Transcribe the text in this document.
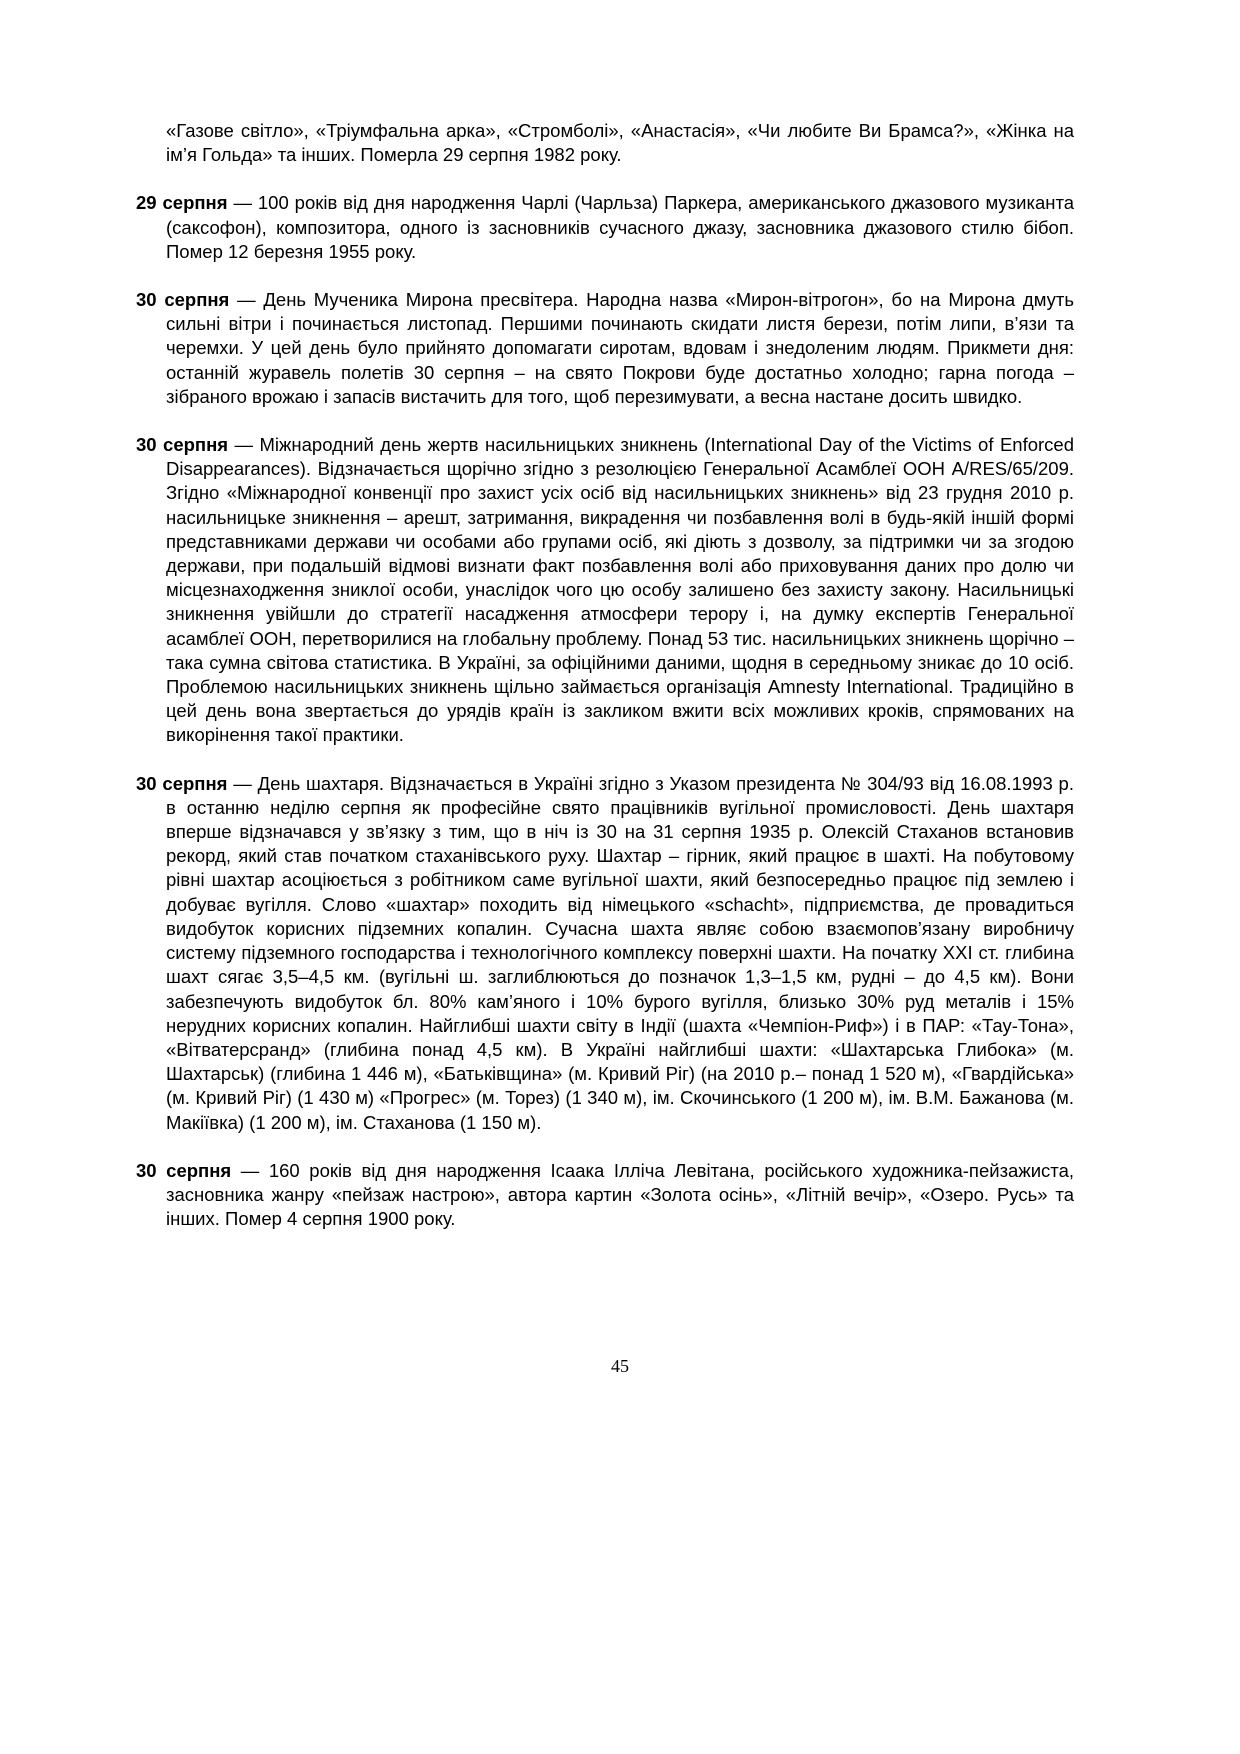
«Газове світло», «Тріумфальна арка», «Стромболі», «Анастасія», «Чи любите Ви Брамса?», «Жінка на ім’я Гольда» та інших. Померла 29 серпня 1982 року.

29 серпня — 100 років від дня народження Чарлі (Чарльза) Паркера, американського джазового музиканта (саксофон), композитора, одного із засновників сучасного джазу, засновника джазового стилю бібоп. Помер 12 березня 1955 року.

30 серпня — День Мученика Мирона пресвітера. Народна назва «Мирон-вітрогон», бо на Мирона дмуть сильні вітри і починається листопад. Першими починають скидати листя берези, потім липи, в’язи та черемхи. У цей день було прийнято допомагати сиротам, вдовам і знедоленим людям. Прикмети дня: останній журавель полетів 30 серпня – на свято Покрови буде достатньо холодно; гарна погода – зібраного врожаю і запасів вистачить для того, щоб перезимувати, а весна настане досить швидко.

30 серпня — Міжнародний день жертв насильницьких зникнень (International Day of the Victims of Enforced Disappearances). Відзначається щорічно згідно з резолюцією Генеральної Асамблеї ООН A/RES/65/209. Згідно «Міжнародної конвенції про захист усіх осіб від насильницьких зникнень» від 23 грудня 2010 р. насильницьке зникнення – арешт, затримання, викрадення чи позбавлення волі в будь-якій іншій формі представниками держави чи особами або групами осіб, які діють з дозволу, за підтримки чи за згодою держави, при подальшій відмові визнати факт позбавлення волі або приховування даних про долю чи місцезнаходження зниклої особи, унаслідок чого цю особу залишено без захисту закону. Насильницькі зникнення увійшли до стратегії насадження атмосфери терору і, на думку експертів Генеральної асамблеї ООН, перетворилися на глобальну проблему. Понад 53 тис. насильницьких зникнень щорічно – така сумна світова статистика. В Україні, за офіційними даними, щодня в середньому зникає до 10 осіб. Проблемою насильницьких зникнень щільно займається організація Amnesty International. Традиційно в цей день вона звертається до урядів країн із закликом вжити всіх можливих кроків, спрямованих на викорінення такої практики.

30 серпня — День шахтаря. Відзначається в Україні згідно з Указом президента № 304/93 від 16.08.1993 р. в останню неділю серпня як професійне свято працівників вугільної промисловості. День шахтаря вперше відзначався у зв’язку з тим, що в ніч із 30 на 31 серпня 1935 р. Олексій Стаханов встановив рекорд, який став початком стаханівського руху. Шахтар – гірник, який працює в шахті. На побутовому рівні шахтар асоціюється з робітником саме вугільної шахти, який безпосередньо працює під землею і добуває вугілля. Слово «шахтар» походить від німецького «schacht», підприємства, де провадиться видобуток корисних підземних копалин. Сучасна шахта являє собою взаємопов’язану виробничу систему підземного господарства і технологічного комплексу поверхні шахти. На початку XXI ст. глибина шахт сягає 3,5–4,5 км. (вугільні ш. заглиблюються до позначок 1,3–1,5 км, рудні – до 4,5 км). Вони забезпечують видобуток бл. 80% кам’яного і 10% бурого вугілля, близько 30% руд металів і 15% нерудних корисних копалин. Найглибші шахти світу в Індії (шахта «Чемпіон-Риф») і в ПАР: «Тау-Тона», «Вітватерсранд» (глибина понад 4,5 км). В Україні найглибші шахти: «Шахтарська Глибока» (м. Шахтарськ) (глибина 1 446 м), «Батьківщина» (м. Кривий Ріг) (на 2010 р.– понад 1 520 м), «Гвардійська» (м. Кривий Ріг) (1 430 м) «Прогрес» (м. Торез) (1 340 м), ім. Скочинського (1 200 м), ім. В.М. Бажанова (м. Макіївка) (1 200 м), ім. Стаханова (1 150 м).

30 серпня — 160 років від дня народження Ісаака Ілліча Левітана, російського художника-пейзажиста, засновника жанру «пейзаж настрою», автора картин «Золота осінь», «Літній вечір», «Озеро. Русь» та інших. Помер 4 серпня 1900 року.

45
